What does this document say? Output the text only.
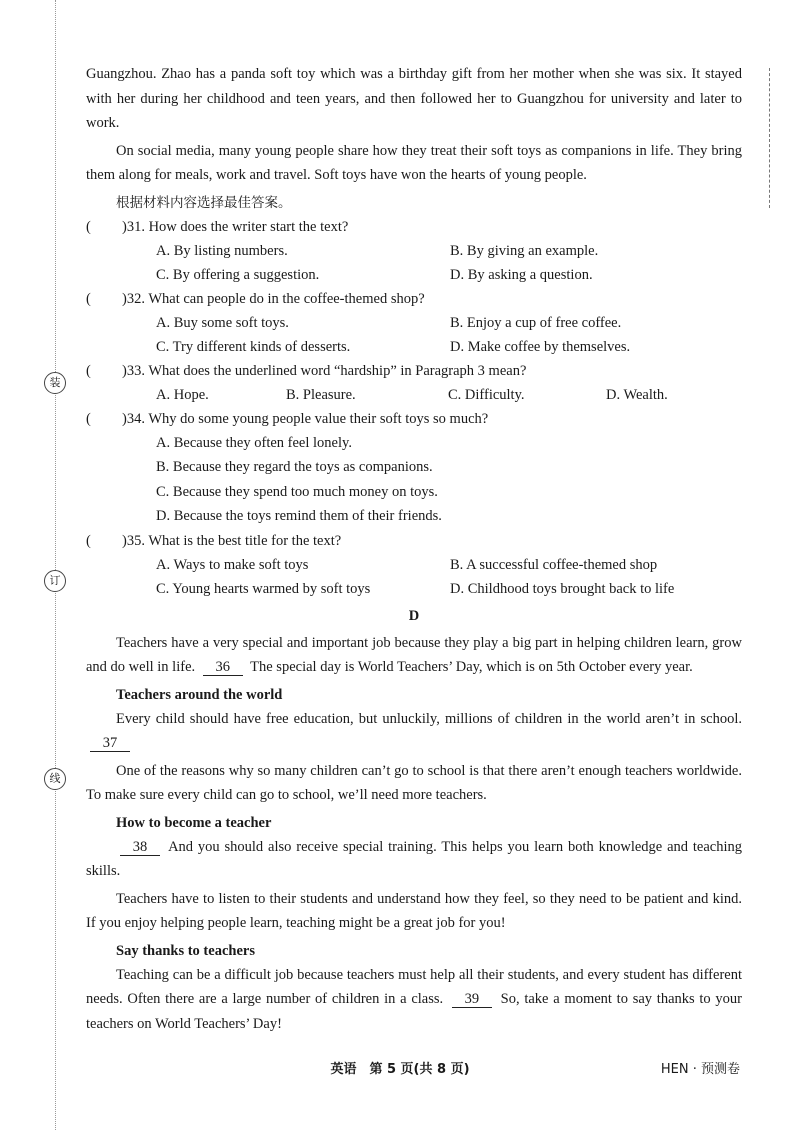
装
订
线

Guangzhou. Zhao has a panda soft toy which was a birthday gift from her mother when she was six. It stayed with her during her childhood and teen years, and then followed her to Guangzhou for university and later to work.

On social media, many young people share how they treat their soft toys as companions in life. They bring them along for meals, work and travel. Soft toys have won the hearts of young people.

根据材料内容选择最佳答案。

(	)31. How does the writer start the text?
A. By listing numbers.	B. By giving an example.
C. By offering a suggestion.	D. By asking a question.
(	)32. What can people do in the coffee-themed shop?
A. Buy some soft toys.	B. Enjoy a cup of free coffee.
C. Try different kinds of desserts.	D. Make coffee by themselves.
(	)33. What does the underlined word “hardship” in Paragraph 3 mean?
A. Hope.	B. Pleasure.	C. Difficulty.	D. Wealth.
(	)34. Why do some young people value their soft toys so much?
A. Because they often feel lonely.
B. Because they regard the toys as companions.
C. Because they spend too much money on toys.
D. Because the toys remind them of their friends.
(	)35. What is the best title for the text?
A. Ways to make soft toys	B. A successful coffee-themed shop
C. Young hearts warmed by soft toys	D. Childhood toys brought back to life
D

Teachers have a very special and important job because they play a big part in helping children learn, grow and do well in life. 36 The special day is World Teachers’ Day, which is on 5th October every year.

Teachers around the world

Every child should have free education, but unluckily, millions of children in the world aren’t in school. 37

One of the reasons why so many children can’t go to school is that there aren’t enough teachers worldwide. To make sure every child can go to school, we’ll need more teachers.

How to become a teacher

38 And you should also receive special training. This helps you learn both knowledge and teaching skills.

Teachers have to listen to their students and understand how they feel, so they need to be patient and kind. If you enjoy helping people learn, teaching might be a great job for you!

Say thanks to teachers

Teaching can be a difficult job because teachers must help all their students, and every student has different needs. Often there are a large number of children in a class. 39 So, take a moment to say thanks to your teachers on World Teachers’ Day!

英语　第 5 页(共 8 页)	HEN · 预测卷
